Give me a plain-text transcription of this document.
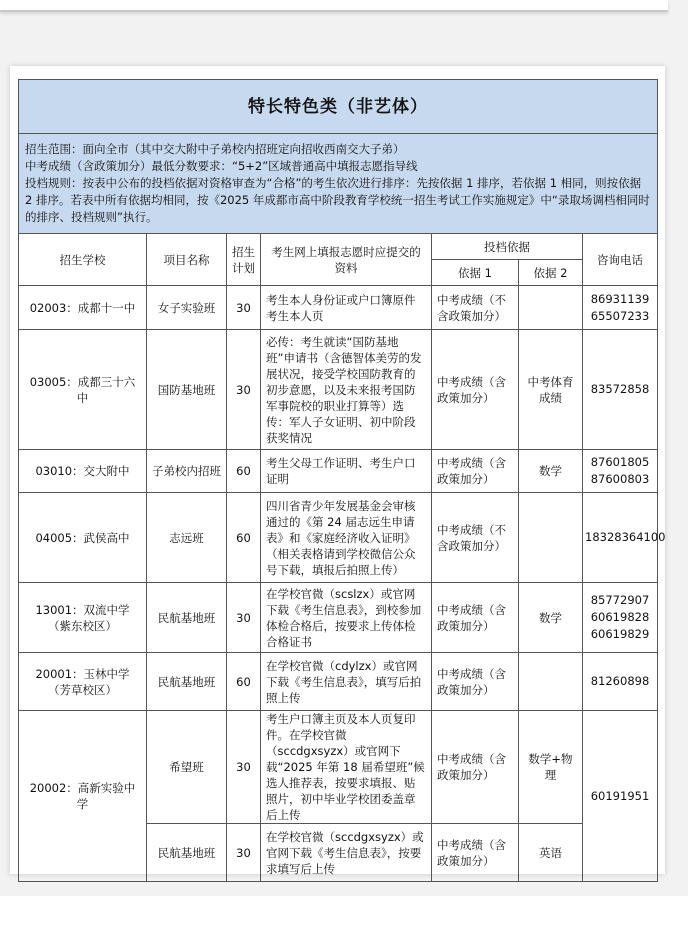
特长特色类（非艺体）						

招生范围：面向全市（其中交大附中子弟校内招班定向招收西南交大子弟）
中考成绩（含政策加分）最低分数要求：“5+2”区域普通高中填报志愿指导线
投档规则：按表中公布的投档依据对资格审查为“合格”的考生依次进行排序：先按依据 1 排序，若依据 1 相同，则按依据 2 排序。若表中所有依据均相同，按《2025 年成都市高中阶段教育学校统一招生考试工作实施规定》中“录取场调档相同时的排序、投档规则”执行。						

招生学校	项目名称	招生计划	考生网上填报志愿时应提交的资料	投档依据		咨询电话
				依据 1	依据 2	
02003：成都十一中	女子实验班	30	考生本人身份证或户口簿原件考生本人页	中考成绩（不含政策加分）		86931139
65507233

03005：成都三十六中	国防基地班	30	必传：考生就读“国防基地班”申请书（含德智体美劳的发展状况，接受学校国防教育的初步意愿，以及未来报考国防军事院校的职业打算等）选传：军人子女证明、初中阶段获奖情况	中考成绩（含政策加分）	中考体育成绩	83572858

03010：交大附中	子弟校内招班	60	考生父母工作证明、考生户口证明	中考成绩（含政策加分）	数学	87601805
87600803

04005：武侯高中	志远班	60	四川省青少年发展基金会审核通过的《第 24 届志远生申请表》和《家庭经济收入证明》（相关表格请到学校微信公众号下载，填报后拍照上传）	中考成绩（不含政策加分）		18328364100

13001：双流中学（紫东校区）	民航基地班	30	在学校官微（scslzx）或官网下载《考生信息表》，到校参加体检合格后，按要求上传体检合格证书	中考成绩（含政策加分）	数学	85772907
60619828
60619829

20001：玉林中学（芳草校区）	民航基地班	60	在学校官微（cdylzx）或官网下载《考生信息表》，填写后拍照上传	中考成绩（含政策加分）		81260898

20002：高新实验中学	希望班	30	考生户口簿主页及本人页复印件。在学校官微（sccdgxsyzx）或官网下载“2025 年第 18 届希望班”候选人推荐表，按要求填报、贴照片，初中毕业学校团委盖章后上传	中考成绩（含政策加分）	数学+物理	60191951

	民航基地班	30	在学校官微（sccdgxsyzx）或官网下载《考生信息表》，按要求填写后上传	中考成绩（含政策加分）	英语	
